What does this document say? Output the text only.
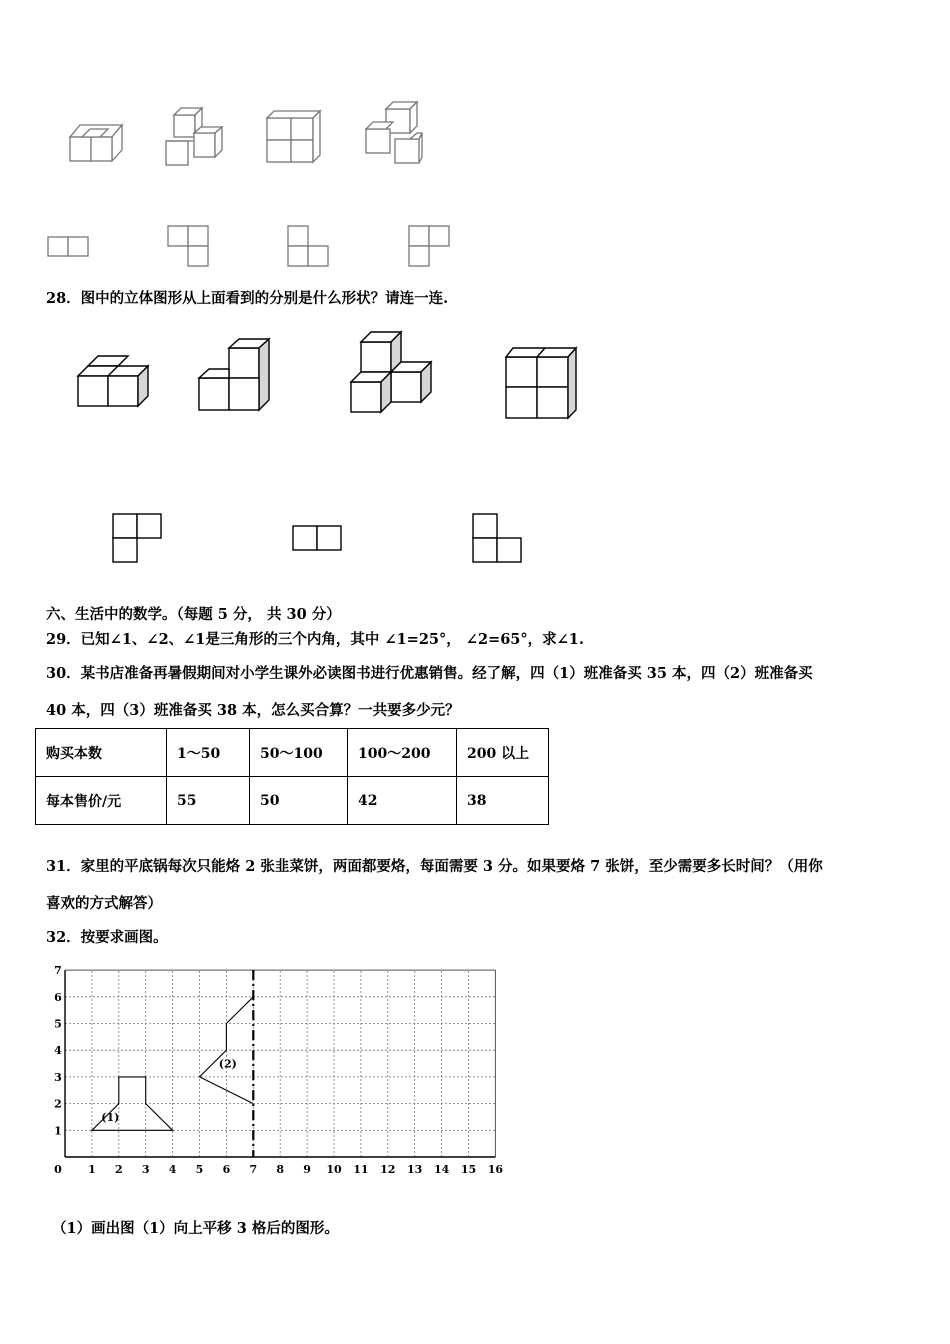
28．图中的立体图形从上面看到的分别是什么形状？请连一连.
六、生活中的数学。（每题 5 分， 共 30 分）
29．已知∠1、∠2、∠1是三角形的三个内角，其中 ∠1=25°， ∠2=65°，求∠1.
30．某书店准备再暑假期间对小学生课外必读图书进行优惠销售。经了解，四（1）班准备买 35 本，四（2）班准备买
40 本，四（3）班准备买 38 本，怎么买合算？一共要多少元？
购买本数	1～50	50～100	100～200	200 以上
每本售价/元	55	50	42	38
31．家里的平底锅每次只能烙 2 张韭菜饼，两面都要烙，每面需要 3 分。如果要烙 7 张饼，至少需要多长时间？（用你
喜欢的方式解答）
32．按要求画图。
0 1 2 3 4 5 6 7 8 9 10 11 12 13 14 15 16
1
2
3
4
5
6
7
(1)
(2)
（1）画出图（1）向上平移 3 格后的图形。
